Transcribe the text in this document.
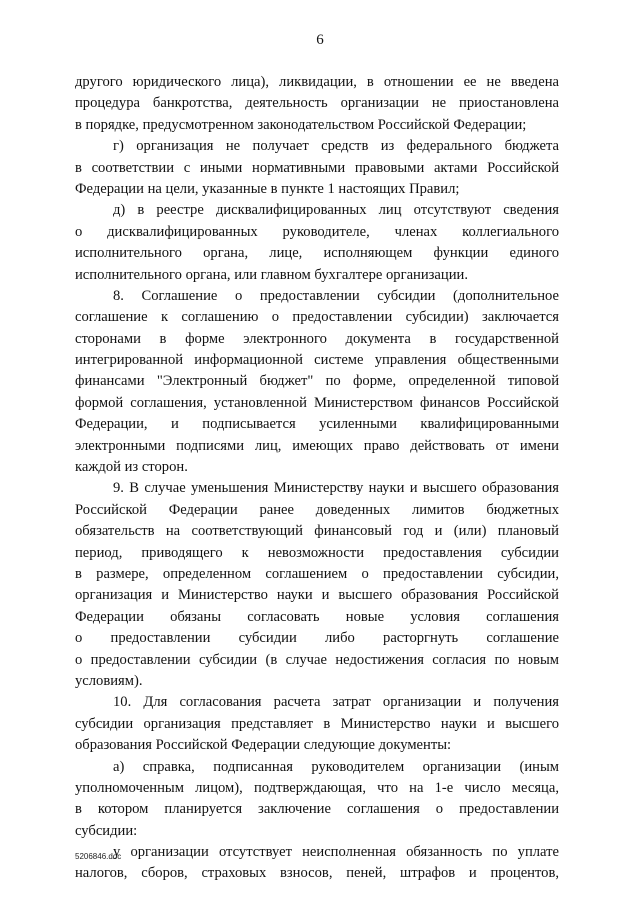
6
другого юридического лица), ликвидации, в отношении ее не введена
процедура банкротства, деятельность организации не приостановлена
в порядке, предусмотренном законодательством Российской Федерации;
г) организация не получает средств из федерального бюджета
в соответствии с иными нормативными правовыми актами Российской
Федерации на цели, указанные в пункте 1 настоящих Правил;
д) в реестре дисквалифицированных лиц отсутствуют сведения
о дисквалифицированных руководителе, членах коллегиального
исполнительного органа, лице, исполняющем функции единого
исполнительного органа, или главном бухгалтере организации.
8. Соглашение о предоставлении субсидии (дополнительное
соглашение к соглашению о предоставлении субсидии) заключается
сторонами в форме электронного документа в государственной
интегрированной информационной системе управления общественными
финансами "Электронный бюджет" по форме, определенной типовой
формой соглашения, установленной Министерством финансов Российской
Федерации, и подписывается усиленными квалифицированными
электронными подписями лиц, имеющих право действовать от имени
каждой из сторон.
9. В случае уменьшения Министерству науки и высшего образования
Российской Федерации ранее доведенных лимитов бюджетных
обязательств на соответствующий финансовый год и (или) плановый
период, приводящего к невозможности предоставления субсидии
в размере, определенном соглашением о предоставлении субсидии,
организация и Министерство науки и высшего образования Российской
Федерации обязаны согласовать новые условия соглашения
о предоставлении субсидии либо расторгнуть соглашение
о предоставлении субсидии (в случае недостижения согласия по новым
условиям).
10. Для согласования расчета затрат организации и получения
субсидии организация представляет в Министерство науки и высшего
образования Российской Федерации следующие документы:
а) справка, подписанная руководителем организации (иным
уполномоченным лицом), подтверждающая, что на 1-е число месяца,
в котором планируется заключение соглашения о предоставлении
субсидии:
у организации отсутствует неисполненная обязанность по уплате
налогов, сборов, страховых взносов, пеней, штрафов и процентов,
5206846.doc
